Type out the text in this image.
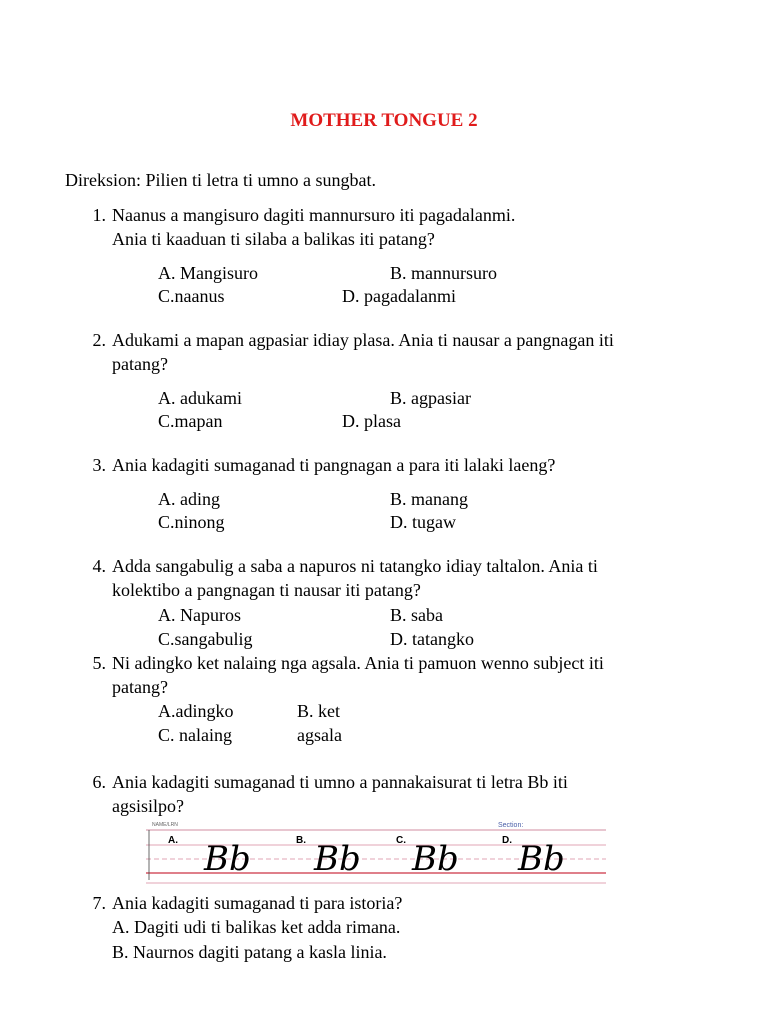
MOTHER TONGUE 2
Direksion: Pilien ti letra ti umno a sungbat.
1. Naanus a mangisuro dagiti mannursuro iti pagadalanmi.
Ania ti kaaduan ti silaba a balikas iti patang?
A. Mangisuro	B. mannursuro
C.naanus	D. pagadalanmi
2. Adukami a mapan agpasiar idiay plasa. Ania ti nausar a pangnagan iti
patang?
A. adukami	B. agpasiar
C.mapan	D. plasa
3. Ania kadagiti sumaganad ti pangnagan a para iti lalaki laeng?
A. ading	B. manang
C.ninong	D. tugaw
4. Adda sangabulig a saba a napuros ni tatangko idiay taltalon. Ania ti
kolektibo a pangnagan ti nausar iti patang?
A. Napuros	B. saba
C.sangabulig	D. tatangko
5. Ni adingko ket nalaing nga agsala. Ania ti pamuon wenno subject iti
patang?
A.adingko	B. ket
C. nalaing	agsala
6. Ania kadagiti sumaganad ti umno a pannakaisurat ti letra Bb iti
agsisilpo?
NAME/LRN	Section:
A. Bb	B. Bb	C. Bb	D. Bb
7. Ania kadagiti sumaganad ti para istoria?
A. Dagiti udi ti balikas ket adda rimana.
B. Naurnos dagiti patang a kasla linia.
